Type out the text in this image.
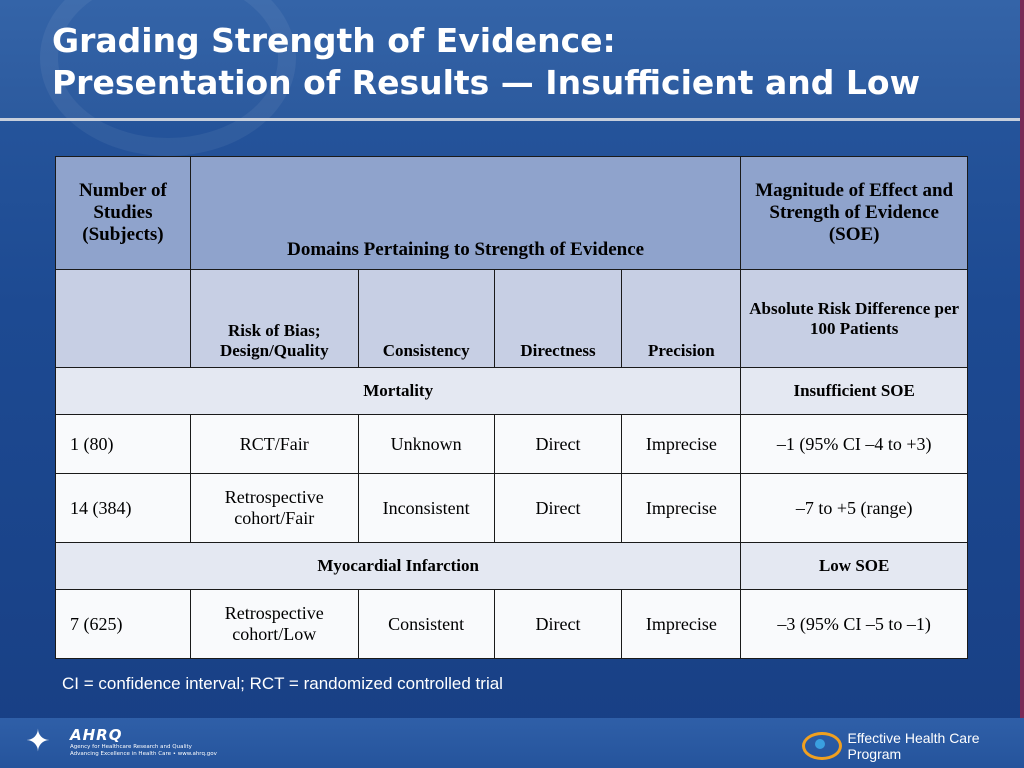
Grading Strength of Evidence:
Presentation of Results — Insufficient and Low
Number of Studies (Subjects)	Domains Pertaining to Strength of Evidence				Magnitude of Effect and Strength of Evidence (SOE)
	Risk of Bias; Design/Quality	Consistency	Directness	Precision	Absolute Risk Difference per 100 Patients
Mortality					Insufficient SOE
1 (80)	RCT/Fair	Unknown	Direct	Imprecise	–1 (95% CI –4 to +3)
14 (384)	Retrospective cohort/Fair	Inconsistent	Direct	Imprecise	–7 to +5 (range)
Myocardial Infarction					Low SOE
7 (625)	Retrospective cohort/Low	Consistent	Direct	Imprecise	–3 (95% CI –5 to –1)
CI = confidence interval; RCT = randomized controlled trial
✦	AHRQ
Agency for Healthcare Research and Quality
Advancing Excellence in Health Care • www.ahrq.gov
Effective Health Care Program
